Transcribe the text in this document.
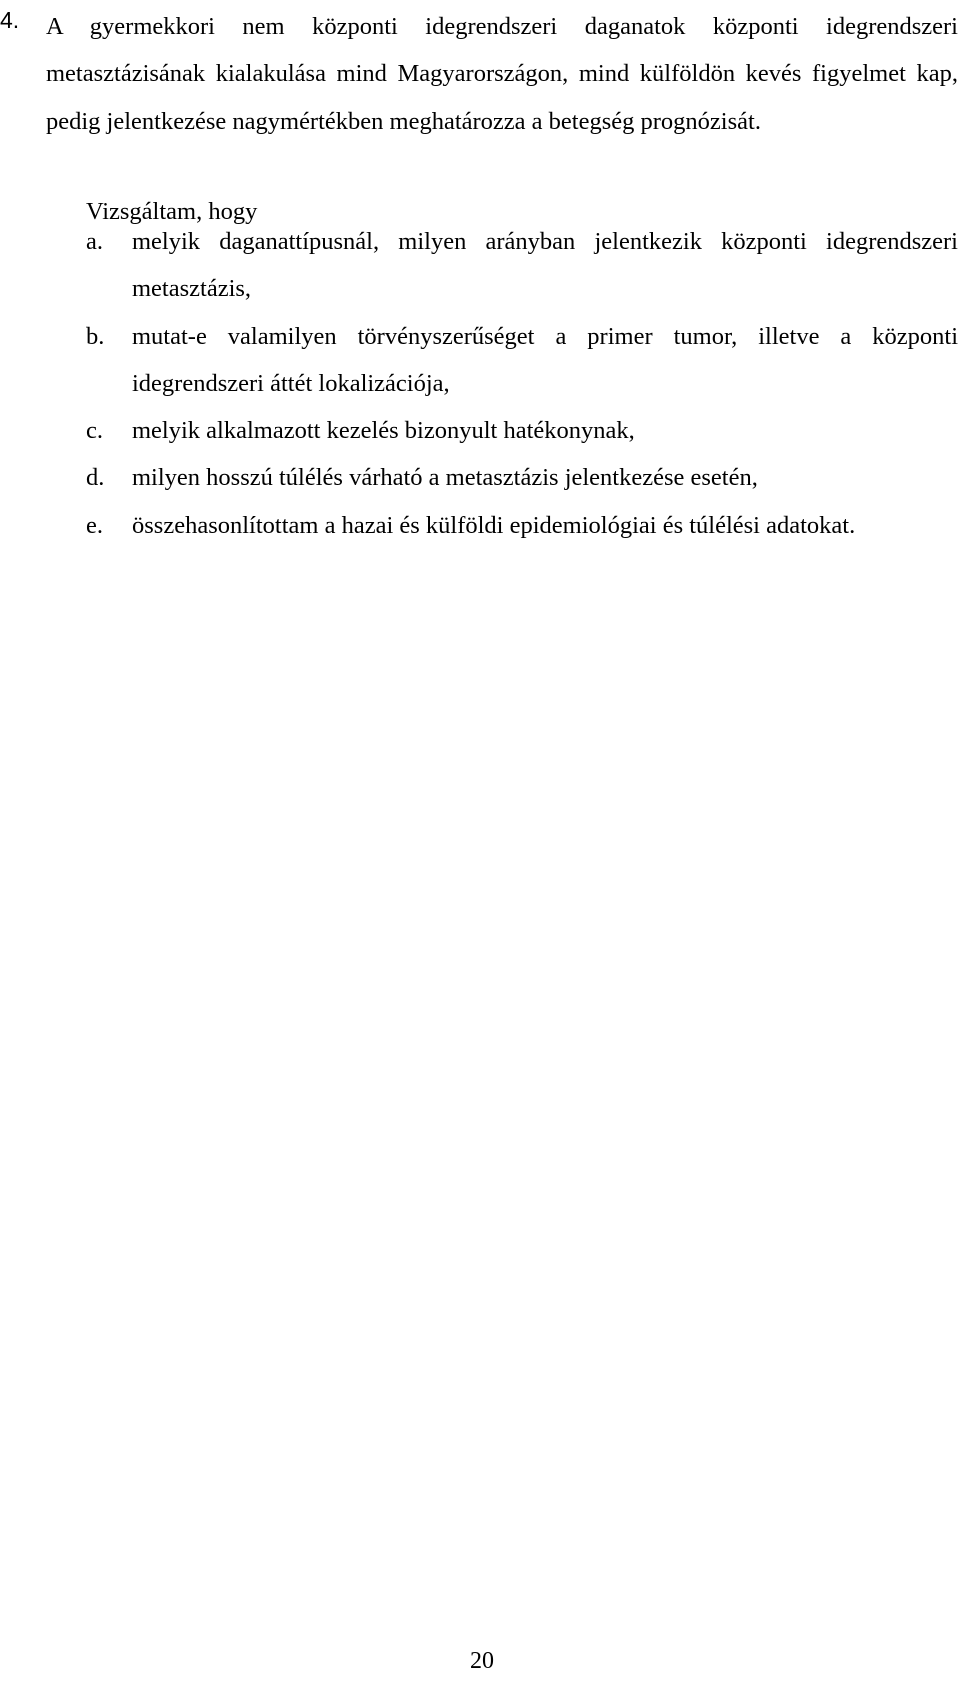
4. A gyermekkori nem központi idegrendszeri daganatok központi idegrendszeri metasztázisának kialakulása mind Magyarországon, mind külföldön kevés figyelmet kap, pedig jelentkezése nagymértékben meghatározza a betegség prognózisát.
Vizsgáltam, hogy
a. melyik daganattípusnál, milyen arányban jelentkezik központi idegrendszeri metasztázis,
b. mutat-e valamilyen törvényszerűséget a primer tumor, illetve a központi idegrendszeri áttét lokalizációja,
c. melyik alkalmazott kezelés bizonyult hatékonynak,
d. milyen hosszú túlélés várható a metasztázis jelentkezése esetén,
e. összehasonlítottam a hazai és külföldi epidemiológiai és túlélési adatokat.
20
